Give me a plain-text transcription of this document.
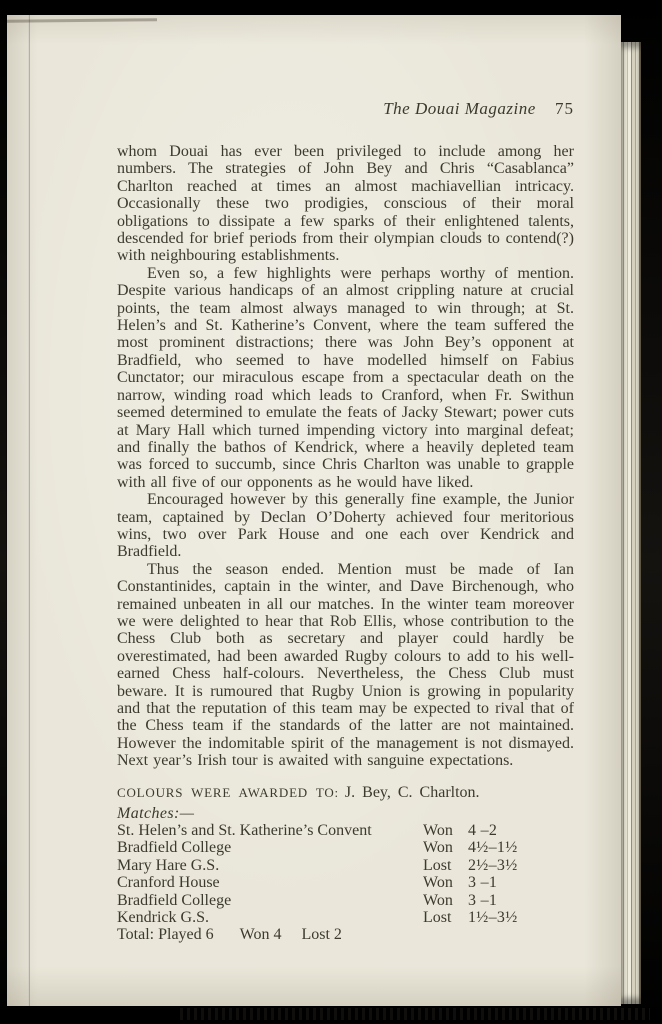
The Douai Magazine 75

whom Douai has ever been privileged to include among her numbers. The strategies of John Bey and Chris “Casablanca” Charlton reached at times an almost machiavellian intricacy. Occasionally these two prodigies, conscious of their moral obligations to dissipate a few sparks of their enlightened talents, descended for brief periods from their olympian clouds to contend(?) with neighbouring establishments.

Even so, a few highlights were perhaps worthy of mention. Despite various handicaps of an almost crippling nature at crucial points, the team almost always managed to win through; at St. Helen’s and St. Katherine’s Convent, where the team suffered the most prominent distractions; there was John Bey’s opponent at Bradfield, who seemed to have modelled himself on Fabius Cunctator; our miraculous escape from a spectacular death on the narrow, winding road which leads to Cranford, when Fr. Swithun seemed determined to emulate the feats of Jacky Stewart; power cuts at Mary Hall which turned impending victory into marginal defeat; and finally the bathos of Kendrick, where a heavily depleted team was forced to succumb, since Chris Charlton was unable to grapple with all five of our opponents as he would have liked.

Encouraged however by this generally fine example, the Junior team, captained by Declan O’Doherty achieved four meritorious wins, two over Park House and one each over Kendrick and Bradfield.

Thus the season ended. Mention must be made of Ian Constantinides, captain in the winter, and Dave Birchenough, who remained unbeaten in all our matches. In the winter team moreover we were delighted to hear that Rob Ellis, whose contribution to the Chess Club both as secretary and player could hardly be overestimated, had been awarded Rugby colours to add to his well-earned Chess half-colours. Nevertheless, the Chess Club must beware. It is rumoured that Rugby Union is growing in popularity and that the reputation of this team may be expected to rival that of the Chess team if the standards of the latter are not maintained. However the indomitable spirit of the management is not dismayed. Next year’s Irish tour is awaited with sanguine expectations.

COLOURS WERE AWARDED TO: J. Bey, C. Charlton.
Matches:—
St. Helen’s and St. Katherine’s Convent	Won 4 –2
Bradfield College	Won 4½–1½
Mary Hare G.S.	Lost	2½–3½
Cranford House	Won 3 –1
Bradfield College	Won 3 –1
Kendrick G.S.	Lost	1½–3½
Total: Played 6 Won 4 Lost 2
